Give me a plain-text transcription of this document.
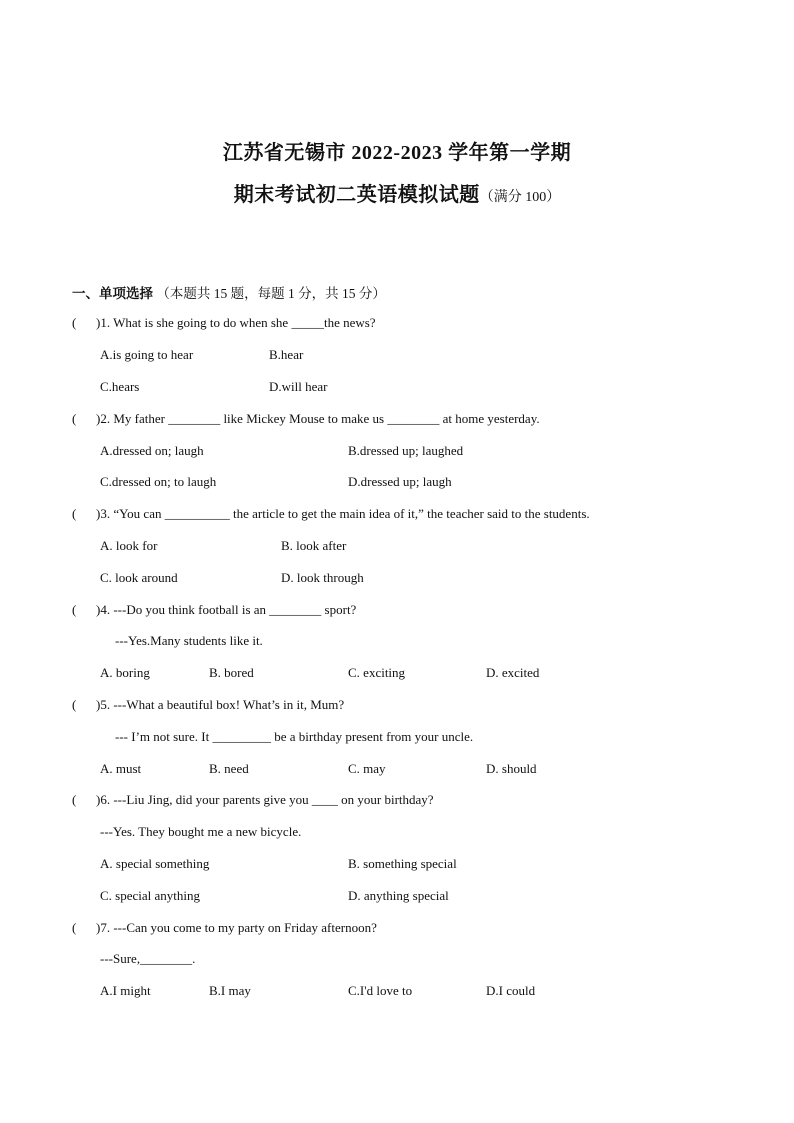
江苏省无锡市 2022-2023 学年第一学期
期末考试初二英语模拟试题（满分 100）
一、单项选择 （本题共 15 题，每题 1 分，共 15 分）
( )1. What is she going to do when she _____the news?
A.is going to hear	B.hear
C.hears	D.will hear
( )2. My father ________ like Mickey Mouse to make us ________ at home yesterday.
A.dressed on; laugh	B.dressed up; laughed
C.dressed on; to laugh	D.dressed up; laugh
( )3. “You can __________ the article to get the main idea of it,” the teacher said to the students.
A. look for	B. look after
C. look around	D. look through
( )4. ---Do you think football is an ________ sport?
---Yes.Many students like it.
A. boring	B. bored	C. exciting	D. excited
( )5. ---What a beautiful box! What’s in it, Mum?
--- I’m not sure. It _________ be a birthday present from your uncle.
A. must	B. need	C. may	D. should
( )6. ---Liu Jing, did your parents give you ____ on your birthday?
---Yes. They bought me a new bicycle.
A. special something	B. something special
C. special anything	D. anything special
( )7. ---Can you come to my party on Friday afternoon?
---Sure,________.
A.I might	B.I may	C.I'd love to	D.I could
